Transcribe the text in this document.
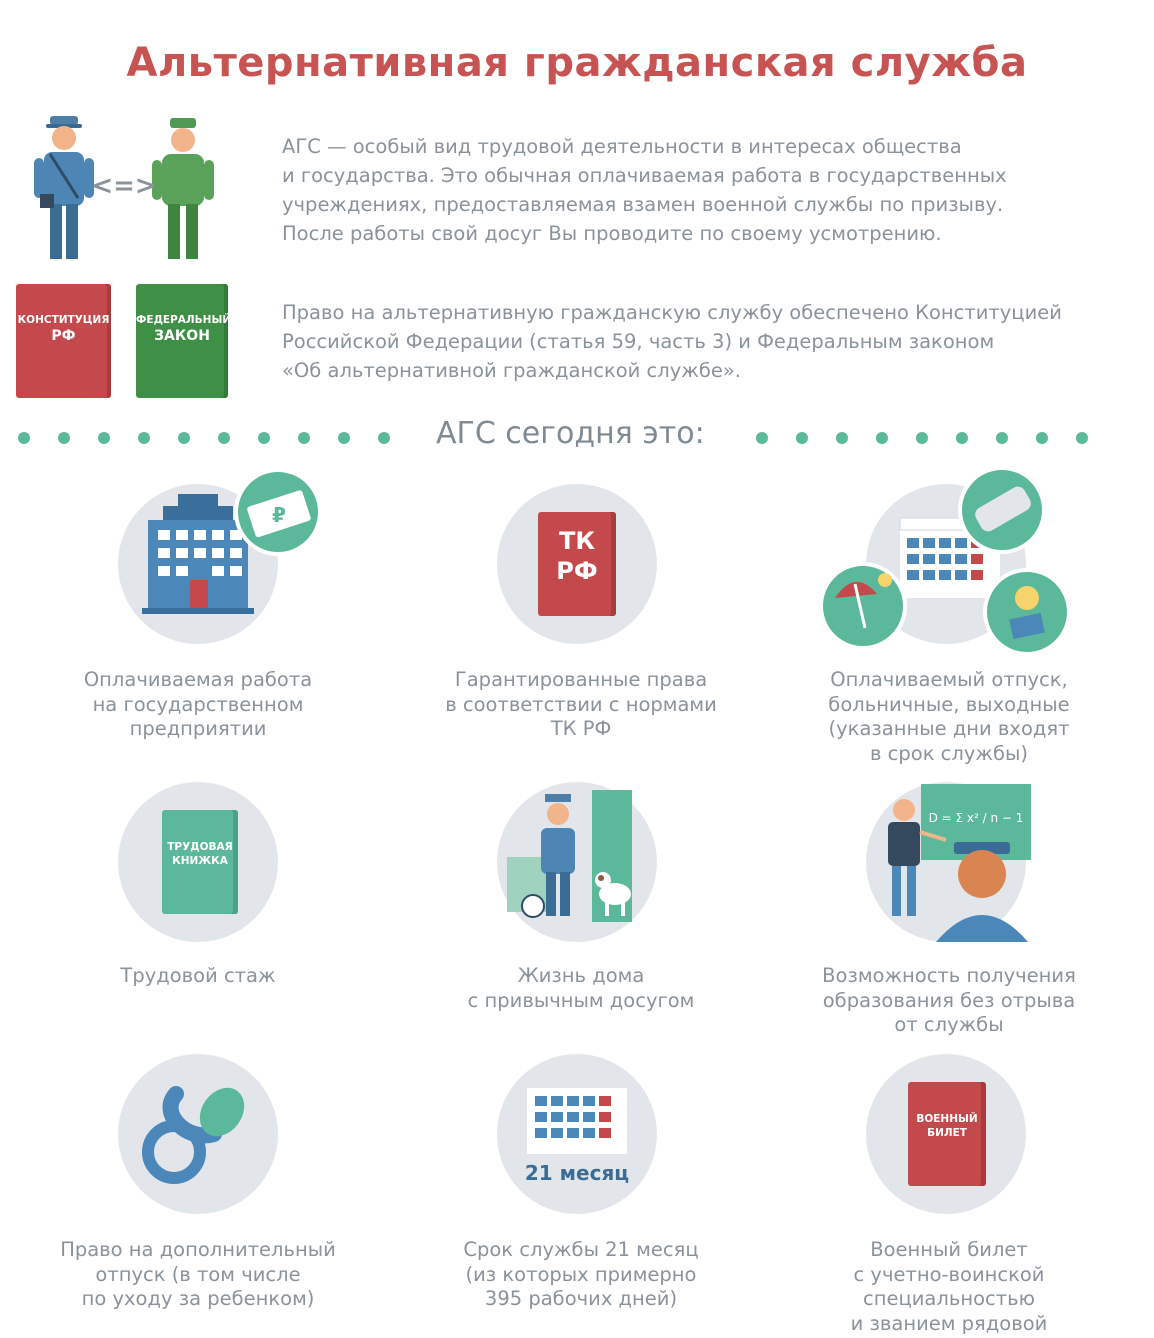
Альтернативная гражданская служба
<=>
КОНСТИТУЦИЯ
РФ
ФЕДЕРАЛЬНЫЙ
ЗАКОН
АГС — особый вид трудовой деятельности в интересах общества
и государства. Это обычная оплачиваемая работа в государственных
учреждениях, предоставляемая взамен военной службы по призыву.
После работы свой досуг Вы проводите по своему усмотрению.
Право на альтернативную гражданскую службу обеспечено Конституцией
Российской Федерации (статья 59, часть 3) и Федеральным законом
«Об альтернативной гражданской службе».
АГС сегодня это:
₽
ТК
РФ
ТРУДОВАЯ
КНИЖКА
D = Σ x² / n − 1
21 месяц
ВОЕННЫЙ
БИЛЕТ
Оплачиваемая работа
на государственном
предприятии
Гарантированные права
в соответствии с нормами
ТК РФ
Оплачиваемый отпуск,
больничные, выходные
(указанные дни входят
в срок службы)
Трудовой стаж	Жизнь дома
с привычным досугом
Возможность получения
образования без отрыва
от службы
Право на дополнительный
отпуск (в том числе
по уходу за ребенком)
Срок службы 21 месяц
(из которых примерно
395 рабочих дней)
Военный билет
с учетно-воинской
специальностью
и званием рядовой
